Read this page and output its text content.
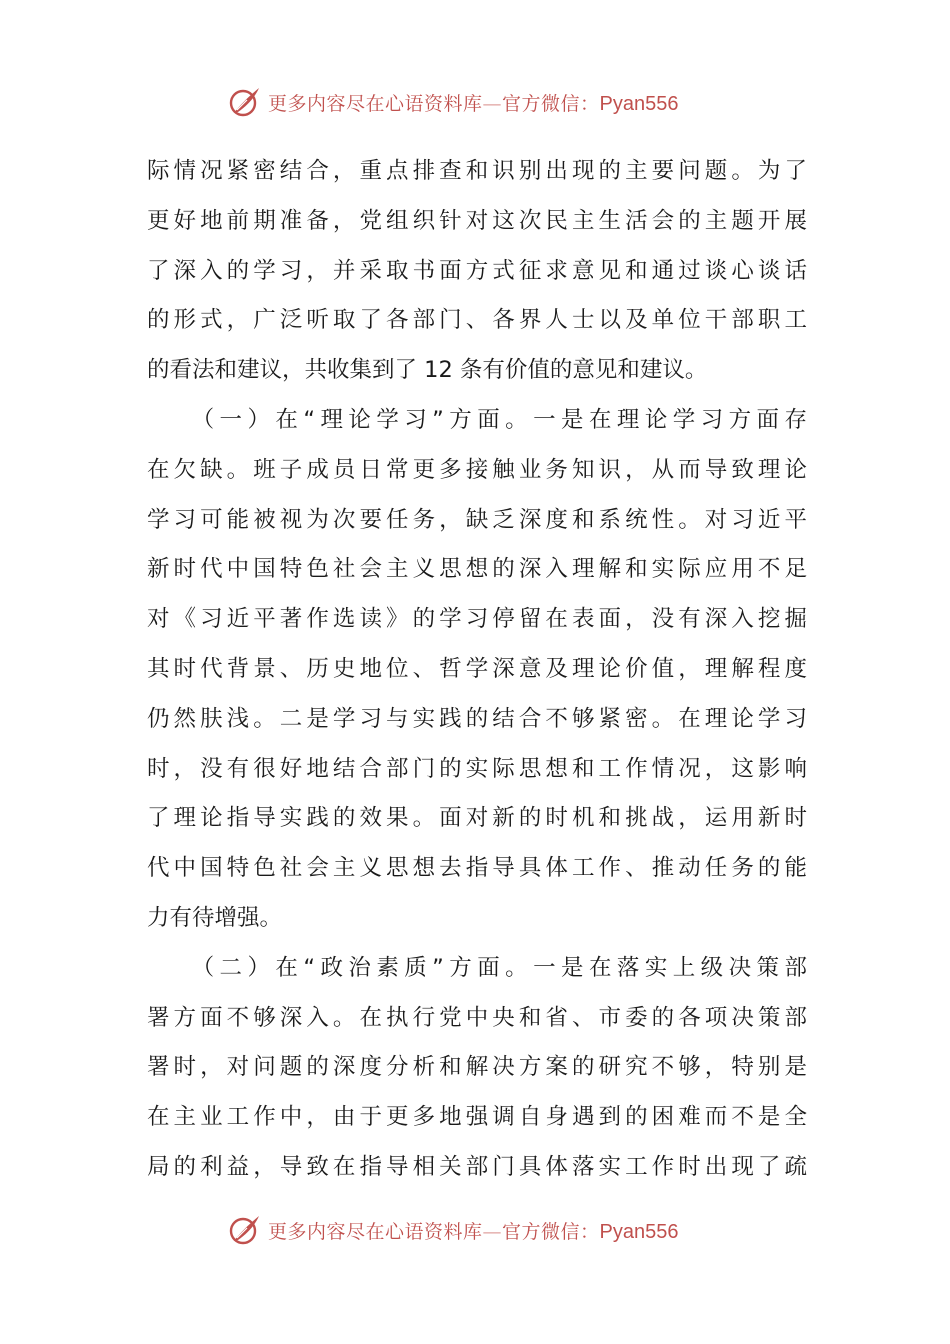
更多内容尽在心语资料库—官方微信：Pyan556
际情况紧密结合，重点排查和识别出现的主要问题。为了
更好地前期准备，党组织针对这次民主生活会的主题开展
了深入的学习，并采取书面方式征求意见和通过谈心谈话
的形式，广泛听取了各部门、各界人士以及单位干部职工
的看法和建议，共收集到了 12 条有价值的意见和建议。
　　（一）在“理论学习”方面。一是在理论学习方面存
在欠缺。班子成员日常更多接触业务知识，从而导致理论
学习可能被视为次要任务，缺乏深度和系统性。对习近平
新时代中国特色社会主义思想的深入理解和实际应用不足
对《习近平著作选读》的学习停留在表面，没有深入挖掘
其时代背景、历史地位、哲学深意及理论价值，理解程度
仍然肤浅。二是学习与实践的结合不够紧密。在理论学习
时，没有很好地结合部门的实际思想和工作情况，这影响
了理论指导实践的效果。面对新的时机和挑战，运用新时
代中国特色社会主义思想去指导具体工作、推动任务的能
力有待增强。
　　（二）在“政治素质”方面。一是在落实上级决策部
署方面不够深入。在执行党中央和省、市委的各项决策部
署时，对问题的深度分析和解决方案的研究不够，特别是
在主业工作中，由于更多地强调自身遇到的困难而不是全
局的利益，导致在指导相关部门具体落实工作时出现了疏
更多内容尽在心语资料库—官方微信：Pyan556
